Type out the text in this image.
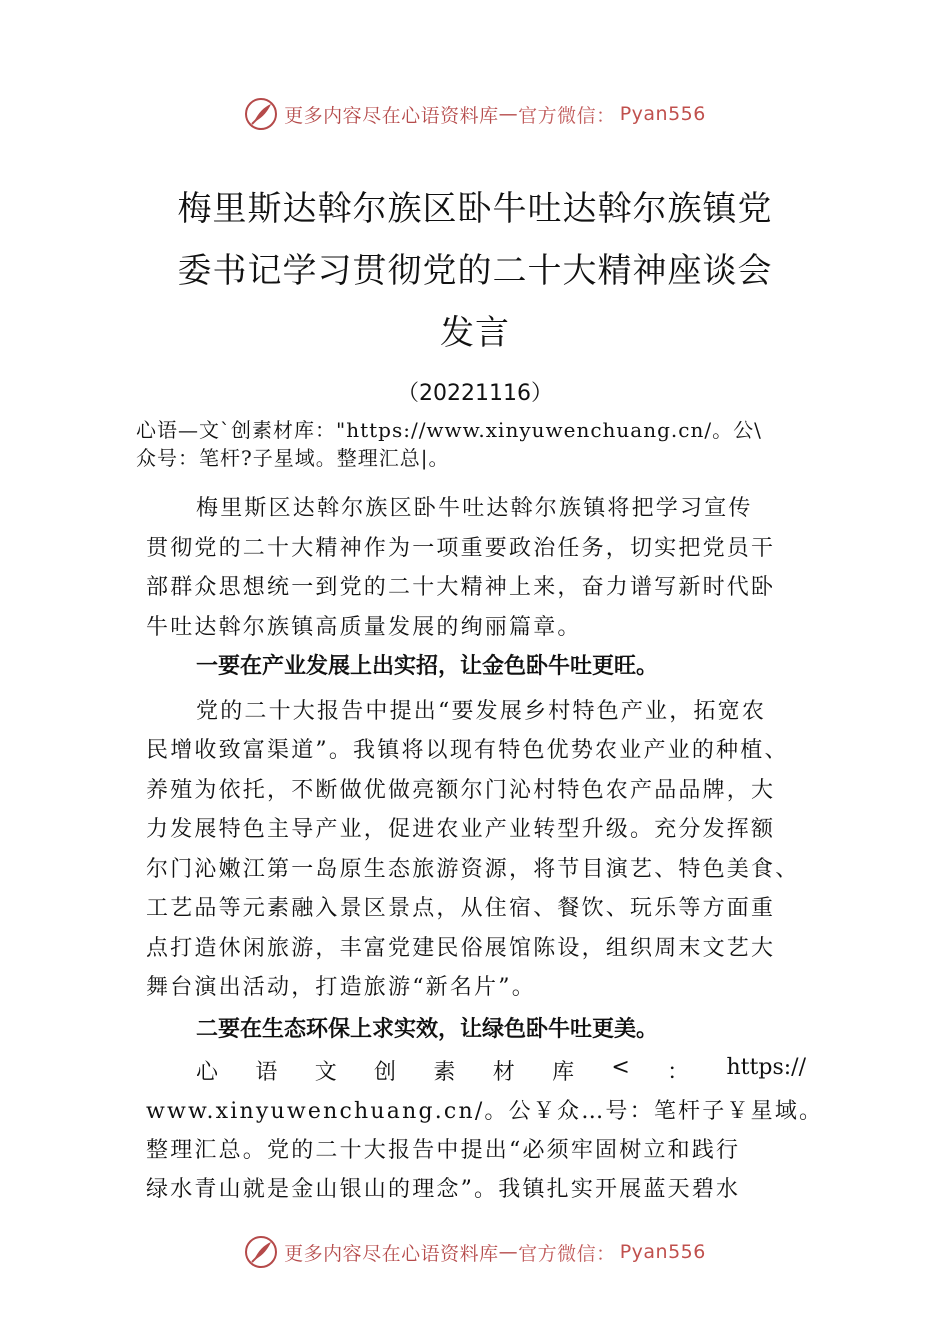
更多内容尽在心语资料库 — 官方微信： Pyan556
梅里斯达斡尔族区卧牛吐达斡尔族镇党
委书记学习贯彻党的二十大精神座谈会
发言
（20221116）
心语—文`创素材库："https://www.xinyuwenchuang.cn/。公\
众号：笔杆?子星域。整理汇总|。
梅里斯区达斡尔族区卧牛吐达斡尔族镇将把学习宣传
贯彻党的二十大精神作为一项重要政治任务，切实把党员干
部群众思想统一到党的二十大精神上来，奋力谱写新时代卧
牛吐达斡尔族镇高质量发展的绚丽篇章。
一要在产业发展上出实招，让金色卧牛吐更旺。
党的二十大报告中提出“要发展乡村特色产业，拓宽农
民增收致富渠道”。我镇将以现有特色优势农业产业的种植、
养殖为依托，不断做优做亮额尔门沁村特色农产品品牌，大
力发展特色主导产业，促进农业产业转型升级。充分发挥额
尔门沁嫩江第一岛原生态旅游资源，将节目演艺、特色美食、
工艺品等元素融入景区景点，从住宿、餐饮、玩乐等方面重
点打造休闲旅游，丰富党建民俗展馆陈设，组织周末文艺大
舞台演出活动，打造旅游“新名片”。
二要在生态环保上求实效，让绿色卧牛吐更美。
心 语 文 创 素 材 库 < ： https://
www.xinyuwenchuang.cn/。公￥众…号：笔杆子￥星域。
整理汇总。党的二十大报告中提出“必须牢固树立和践行
绿水青山就是金山银山的理念”。我镇扎实开展蓝天碧水
更多内容尽在心语资料库 — 官方微信： Pyan556
